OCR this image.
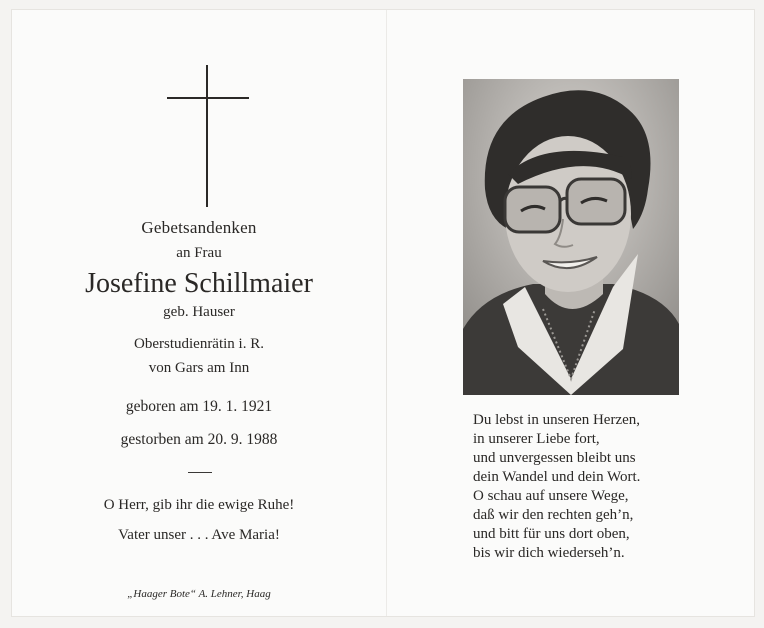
Gebetsandenken
an Frau
Josefine Schillmaier
geb. Hauser
Oberstudienrätin i. R.
von Gars am Inn
geboren am 19. 1. 1921
gestorben am 20. 9. 1988
O Herr, gib ihr die ewige Ruhe!
Vater unser . . . Ave Maria!
„Haager Bote“ A. Lehner, Haag
Du lebst in unseren Herzen,
in unserer Liebe fort,
und unvergessen bleibt uns
dein Wandel und dein Wort.
O schau auf unsere Wege,
daß wir den rechten geh’n,
und bitt für uns dort oben,
bis wir dich wiederseh’n.
